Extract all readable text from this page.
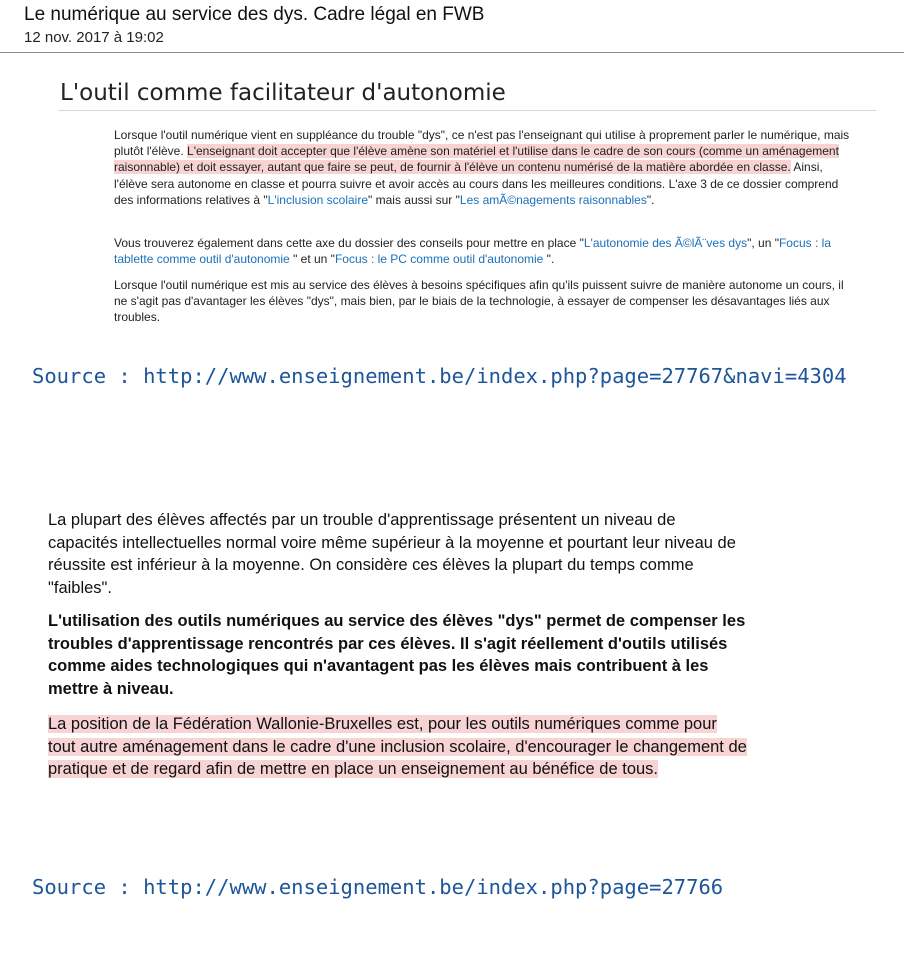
Le numérique au service des dys. Cadre légal en FWB
12 nov. 2017 à 19:02
L'outil comme facilitateur d'autonomie

Lorsque l'outil numérique vient en suppléance du trouble "dys", ce n'est pas l'enseignant qui utilise à proprement parler le numérique, mais plutôt l'élève. L'enseignant doit accepter que l'élève amène son matériel et l'utilise dans le cadre de son cours (comme un aménagement raisonnable) et doit essayer, autant que faire se peut, de fournir à l'élève un contenu numérisé de la matière abordée en classe. Ainsi, l'élève sera autonome en classe et pourra suivre et avoir accès au cours dans les meilleures conditions. L'axe 3 de ce dossier comprend des informations relatives à "L'inclusion scolaire" mais aussi sur "Les amÃ©nagements raisonnables".

Vous trouverez également dans cette axe du dossier des conseils pour mettre en place "L'autonomie des Ã©lÃ¨ves dys", un "Focus : la tablette comme outil d'autonomie " et un "Focus : le PC comme outil d'autonomie ".

Lorsque l'outil numérique est mis au service des élèves à besoins spécifiques afin qu'ils puissent suivre de manière autonome un cours, il ne s'agit pas d'avantager les élèves "dys", mais bien, par le biais de la technologie, à essayer de compenser les désavantages liés aux troubles.

Source : http://www.enseignement.be/index.php?page=27767&navi=4304

La plupart des élèves affectés par un trouble d'apprentissage présentent un niveau de capacités intellectuelles normal voire même supérieur à la moyenne et pourtant leur niveau de réussite est inférieur à la moyenne. On considère ces élèves la plupart du temps comme "faibles".

L'utilisation des outils numériques au service des élèves "dys" permet de compenser les troubles d'apprentissage rencontrés par ces élèves. Il s'agit réellement d'outils utilisés comme aides technologiques qui n'avantagent pas les élèves mais contribuent à les mettre à niveau.

La position de la Fédération Wallonie-Bruxelles est, pour les outils numériques comme pour tout autre aménagement dans le cadre d'une inclusion scolaire, d'encourager le changement de pratique et de regard afin de mettre en place un enseignement au bénéfice de tous.

Source : http://www.enseignement.be/index.php?page=27766
